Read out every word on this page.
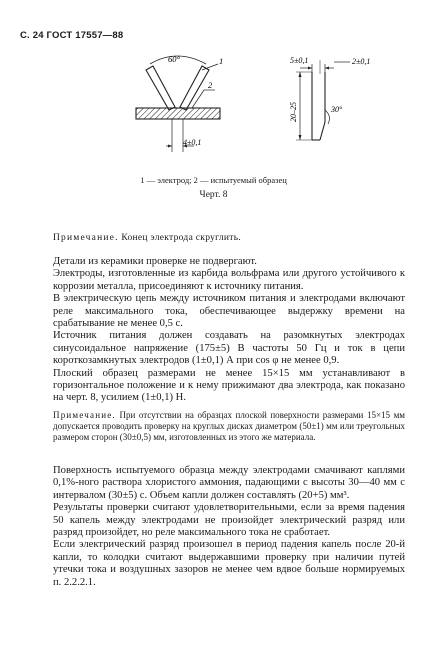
С. 24 ГОСТ 17557—88
60°	1
2
4±0,1
5±0,1	2±0,1
20–25	30°
1 — электрод; 2 — испытуемый образец
Черт. 8
Примечание. Конец электрода скруглить.

Детали из керамики проверке не подвергают.

Электроды, изготовленные из карбида вольфрама или другого устойчивого к коррозии металла, присоединяют к источнику питания.

В электрическую цепь между источником питания и электродами включают реле максимального тока, обеспечивающее выдержку времени на срабатывание не менее 0,5 с.

Источник питания должен создавать на разомкнутых электродах синусоидальное напряжение (175±5) В частоты 50 Гц и ток в цепи короткозамкнутых электродов (1±0,1) А при cos φ не менее 0,9.

Плоский образец размерами не менее 15×15 мм устанавливают в горизонтальное положение и к нему прижимают два электрода, как показано на черт. 8, усилием (1±0,1) Н.

Примечание. При отсутствии на образцах плоской поверхности размерами 15×15 мм допускается проводить проверку на круглых дисках диаметром (50±1) мм или треугольных размером сторон (30±0,5) мм, изготовленных из этого же материала.

Поверхность испытуемого образца между электродами смачивают каплями 0,1%-ного раствора хлористого аммония, падающими с высоты 30—40 мм с интервалом (30±5) с. Объем капли должен составлять (20+5) мм³.

Результаты проверки считают удовлетворительными, если за время падения 50 капель между электродами не произойдет электрический разряд или разряд произойдет, но реле максимального тока не сработает.

Если электрический разряд произошел в период падения капель после 20-й капли, то колодки считают выдержавшими проверку при наличии путей утечки тока и воздушных зазоров не менее чем вдвое больше нормируемых п. 2.2.2.1.
